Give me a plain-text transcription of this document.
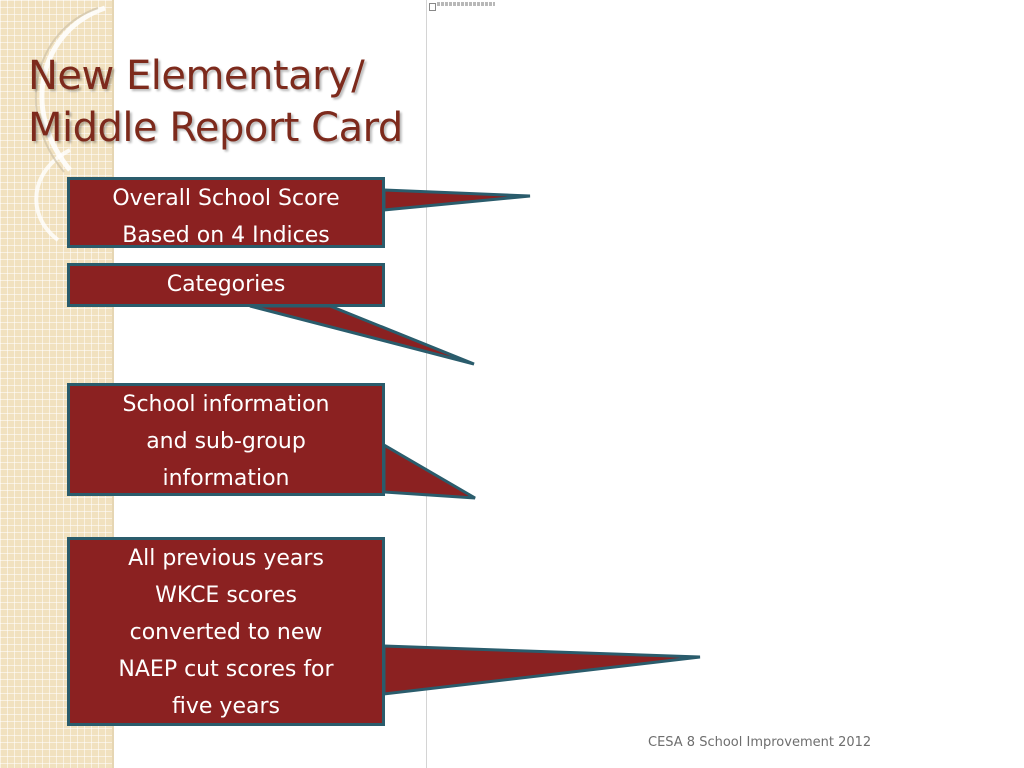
New Elementary/
Middle Report Card
Overall School Score
Based on 4 Indices
Categories
School information
and sub-group
information
All previous years
WKCE scores
converted to new
NAEP cut scores for
five years
CESA 8 School Improvement 2012
